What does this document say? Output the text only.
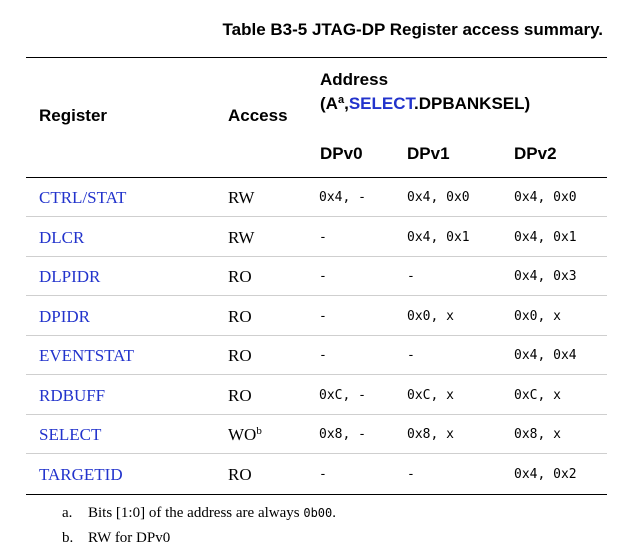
Table B3-5 JTAG-DP Register access summary.
Register	Access
Address
$(A^a,SELECT.DPBANKSEL)$
DPv0	DPv1	DPv2
CTRL/STAT	RW	0x4, -	0x4, 0x0	0x4, 0x0
DLCR	RW	-	0x4, 0x1	0x4, 0x1
DLPIDR	RO	-	-	0x4, 0x3
DPIDR	RO	-	0x0, x	0x0, x
EVENTSTAT	RO	-	-	0x4, 0x4
RDBUFF	RO	0xC, -	0xC, x	0xC, x
SELECT	$WO^b$	0x8, -	0x8, x	0x8, x
TARGETID	RO	-	-	0x4, 0x2
a. Bits [1:0] of the address are always 0b00.
b. RW for DPv0
